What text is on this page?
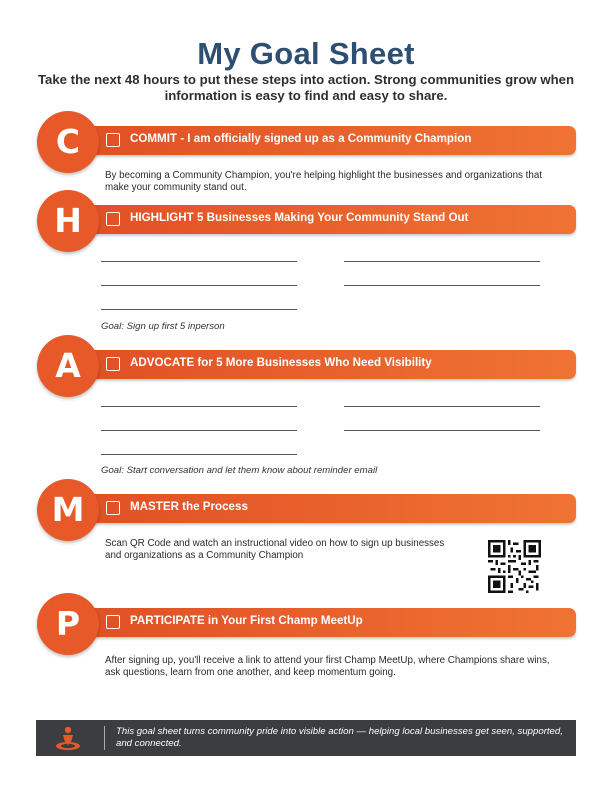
My Goal Sheet
Take the next 48 hours to put these steps into action. Strong communities grow when information is easy to find and easy to share.
C	COMMIT - I am officially signed up as a Community Champion
By becoming a Community Champion, you're helping highlight the businesses and organizations that make your community stand out.
H	HIGHLIGHT 5 Businesses Making Your Community Stand Out
Goal: Sign up first 5 inperson
A	ADVOCATE for 5 More Businesses Who Need Visibility
Goal: Start conversation and let them know about reminder email
M	MASTER the Process
Scan QR Code and watch an instructional video on how to sign up businesses and organizations as a Community Champion
P	PARTICIPATE in Your First Champ MeetUp
After signing up, you'll receive a link to attend your first Champ MeetUp, where Champions share wins, ask questions, learn from one another, and keep momentum going.
This goal sheet turns community pride into visible action — helping local businesses get seen, supported, and connected.
